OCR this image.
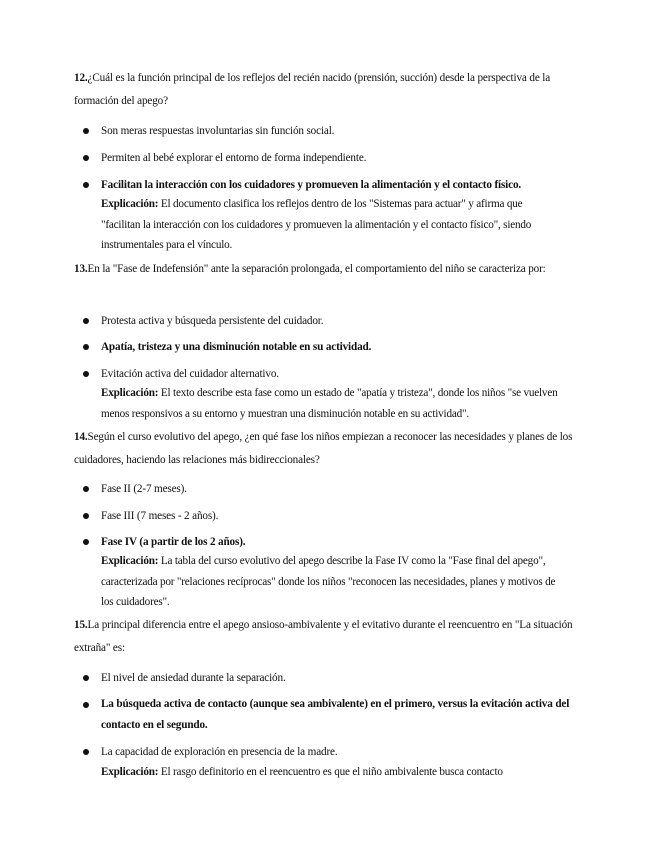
12.¿Cuál es la función principal de los reflejos del recién nacido (prensión, succión) desde la perspectiva de la formación del apego?
Son meras respuestas involuntarias sin función social.
Permiten al bebé explorar el entorno de forma independiente.
Facilitan la interacción con los cuidadores y promueven la alimentación y el contacto físico.
Explicación: El documento clasifica los reflejos dentro de los "Sistemas para actuar" y afirma que "facilitan la interacción con los cuidadores y promueven la alimentación y el contacto físico", siendo instrumentales para el vínculo.
13.En la "Fase de Indefensión" ante la separación prolongada, el comportamiento del niño se caracteriza por:
Protesta activa y búsqueda persistente del cuidador.
Apatía, tristeza y una disminución notable en su actividad.
Evitación activa del cuidador alternativo.
Explicación: El texto describe esta fase como un estado de "apatía y tristeza", donde los niños "se vuelven menos responsivos a su entorno y muestran una disminución notable en su actividad".
14.Según el curso evolutivo del apego, ¿en qué fase los niños empiezan a reconocer las necesidades y planes de los cuidadores, haciendo las relaciones más bidireccionales?
Fase II (2-7 meses).
Fase III (7 meses - 2 años).
Fase IV (a partir de los 2 años).
Explicación: La tabla del curso evolutivo del apego describe la Fase IV como la "Fase final del apego", caracterizada por "relaciones recíprocas" donde los niños "reconocen las necesidades, planes y motivos de los cuidadores".
15.La principal diferencia entre el apego ansioso-ambivalente y el evitativo durante el reencuentro en "La situación extraña" es:
El nivel de ansiedad durante la separación.
La búsqueda activa de contacto (aunque sea ambivalente) en el primero, versus la evitación activa del contacto en el segundo.
La capacidad de exploración en presencia de la madre.
Explicación: El rasgo definitorio en el reencuentro es que el niño ambivalente busca contacto
